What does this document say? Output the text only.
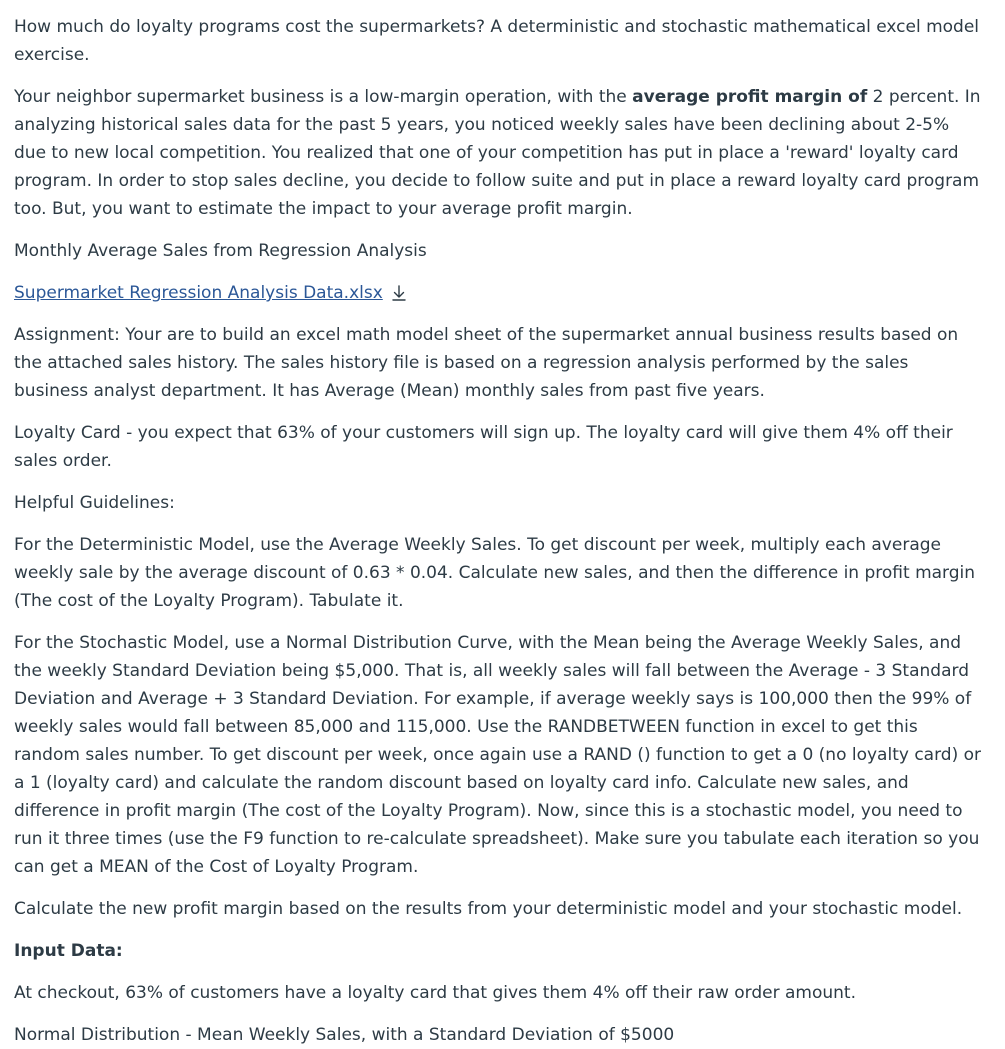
How much do loyalty programs cost the supermarkets? A deterministic and stochastic mathematical excel model exercise.

Your neighbor supermarket business is a low-margin operation, with the average profit margin of 2 percent. In analyzing historical sales data for the past 5 years, you noticed weekly sales have been declining about 2-5% due to new local competition. You realized that one of your competition has put in place a 'reward' loyalty card program. In order to stop sales decline, you decide to follow suite and put in place a reward loyalty card program too. But, you want to estimate the impact to your average profit margin.

Monthly Average Sales from Regression Analysis

Supermarket Regression Analysis Data.xlsx

Assignment: Your are to build an excel math model sheet of the supermarket annual business results based on the attached sales history. The sales history file is based on a regression analysis performed by the sales business analyst department. It has Average (Mean) monthly sales from past five years.

Loyalty Card - you expect that 63% of your customers will sign up. The loyalty card will give them 4% off their sales order.

Helpful Guidelines:

For the Deterministic Model, use the Average Weekly Sales. To get discount per week, multiply each average weekly sale by the average discount of 0.63 * 0.04. Calculate new sales, and then the difference in profit margin (The cost of the Loyalty Program). Tabulate it.

For the Stochastic Model, use a Normal Distribution Curve, with the Mean being the Average Weekly Sales, and the weekly Standard Deviation being $5,000. That is, all weekly sales will fall between the Average - 3 Standard Deviation and Average + 3 Standard Deviation. For example, if average weekly says is 100,000 then the 99% of weekly sales would fall between 85,000 and 115,000. Use the RANDBETWEEN function in excel to get this random sales number. To get discount per week, once again use a RAND () function to get a 0 (no loyalty card) or a 1 (loyalty card) and calculate the random discount based on loyalty card info. Calculate new sales, and difference in profit margin (The cost of the Loyalty Program). Now, since this is a stochastic model, you need to run it three times (use the F9 function to re-calculate spreadsheet). Make sure you tabulate each iteration so you can get a MEAN of the Cost of Loyalty Program.

Calculate the new profit margin based on the results from your deterministic model and your stochastic model.

Input Data:

At checkout, 63% of customers have a loyalty card that gives them 4% off their raw order amount.

Normal Distribution - Mean Weekly Sales, with a Standard Deviation of $5000
